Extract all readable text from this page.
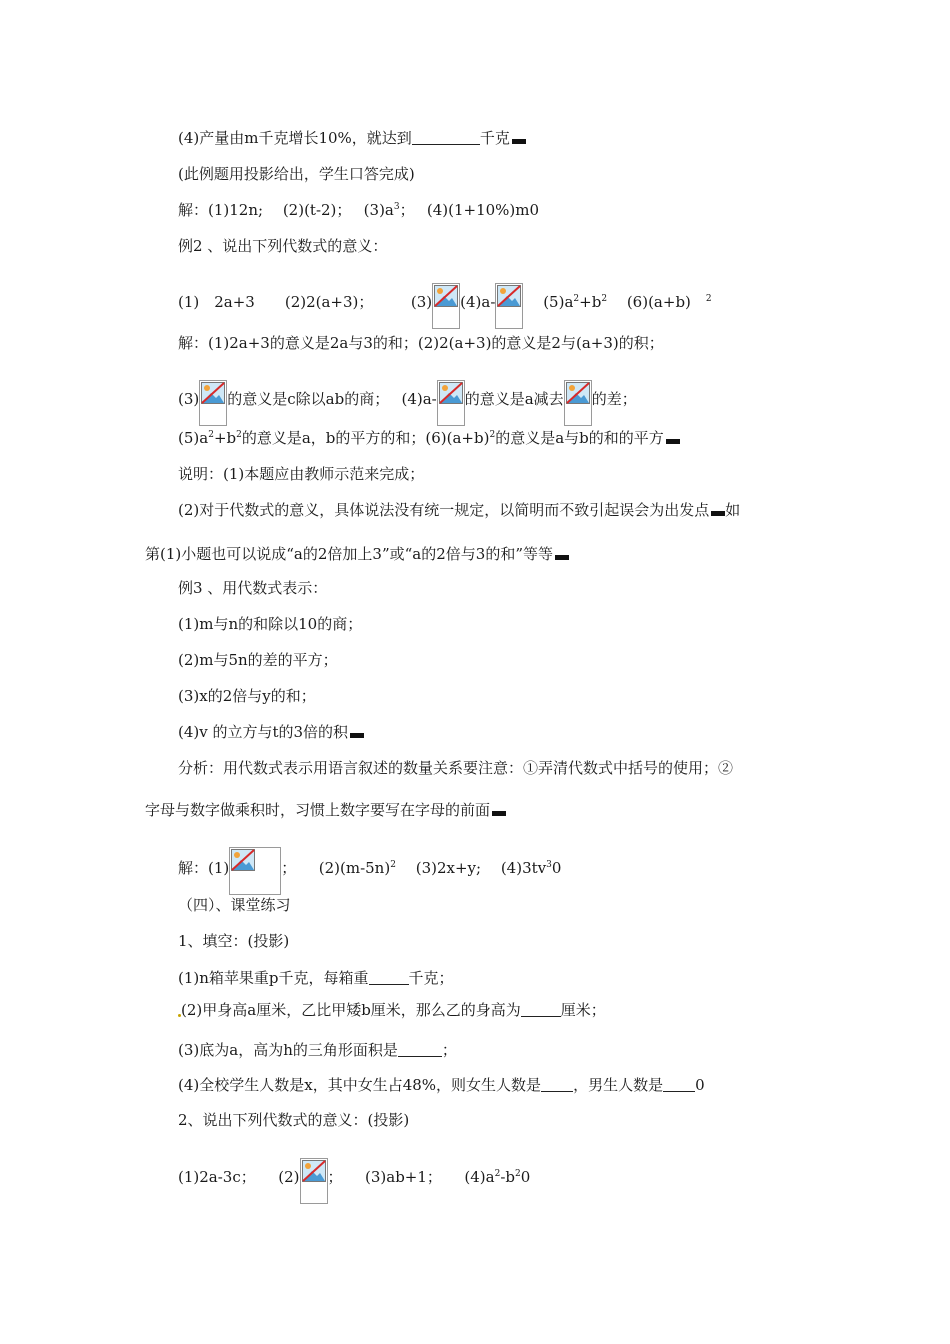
(4)产量由m千克增长10%，就达到	千克
(此例题用投影给出，学生口答完成)
解：(1)12n;　 (2)(t-2)；　 $(3)a^3$；　 (4)(1+10%)m0
例2 、说出下列代数式的意义：
(1)　2a+3　　(2)2(a+3)；　　　(3) (4)a-
　	$(5)a^2+b^2$　 (6)(a+b)　 $^2$
解：(1)2a+3的意义是2a与3的和；(2)2(a+3)的意义是2与(a+3)的积；
(3) 的意义是c除以ab的商；　 (4)a- 的意义是a减去 的差；
$(5)a^2+b^2$的意义是a，b的平方的和；$(6)(a+b)^2$的意义是a与b的和的平方
说明：(1)本题应由教师示范来完成；
(2)对于代数式的意义，具体说法没有统一规定，以简明而不致引起误会为出发点 如
第(1)小题也可以说成“a的2倍加上3”或“a的2倍与3的和”等等
例3 、用代数式表示：
(1)m与n的和除以10的商；
(2)m与5n的差的平方；
(3)x的2倍与y的和；
(4)v 的立方与t的3倍的积
分析：用代数式表示用语言叙述的数量关系要注意：①弄清代数式中括号的使用；②
字母与数字做乘积时，习惯上数字要写在字母的前面
解：(1)	；　　$(2)(m-5n)^2$　 (3)2x+y;　 $(4)3tv^30$
（四）、课堂练习
1、填空：(投影)
(1)n箱苹果重p千克，每箱重	千克；
(2)甲身高a厘米，乙比甲矮b厘米，那么乙的身高为	厘米；
(3)底为a，高为h的三角形面积是	；
(4)全校学生人数是x，其中女生占48%，则女生人数是 ，男生人数是 0
2、说出下列代数式的意义：(投影)
(1)2a-3c；　　(2) ；　　(3)ab+1；　　$(4)a^2-b^20$
